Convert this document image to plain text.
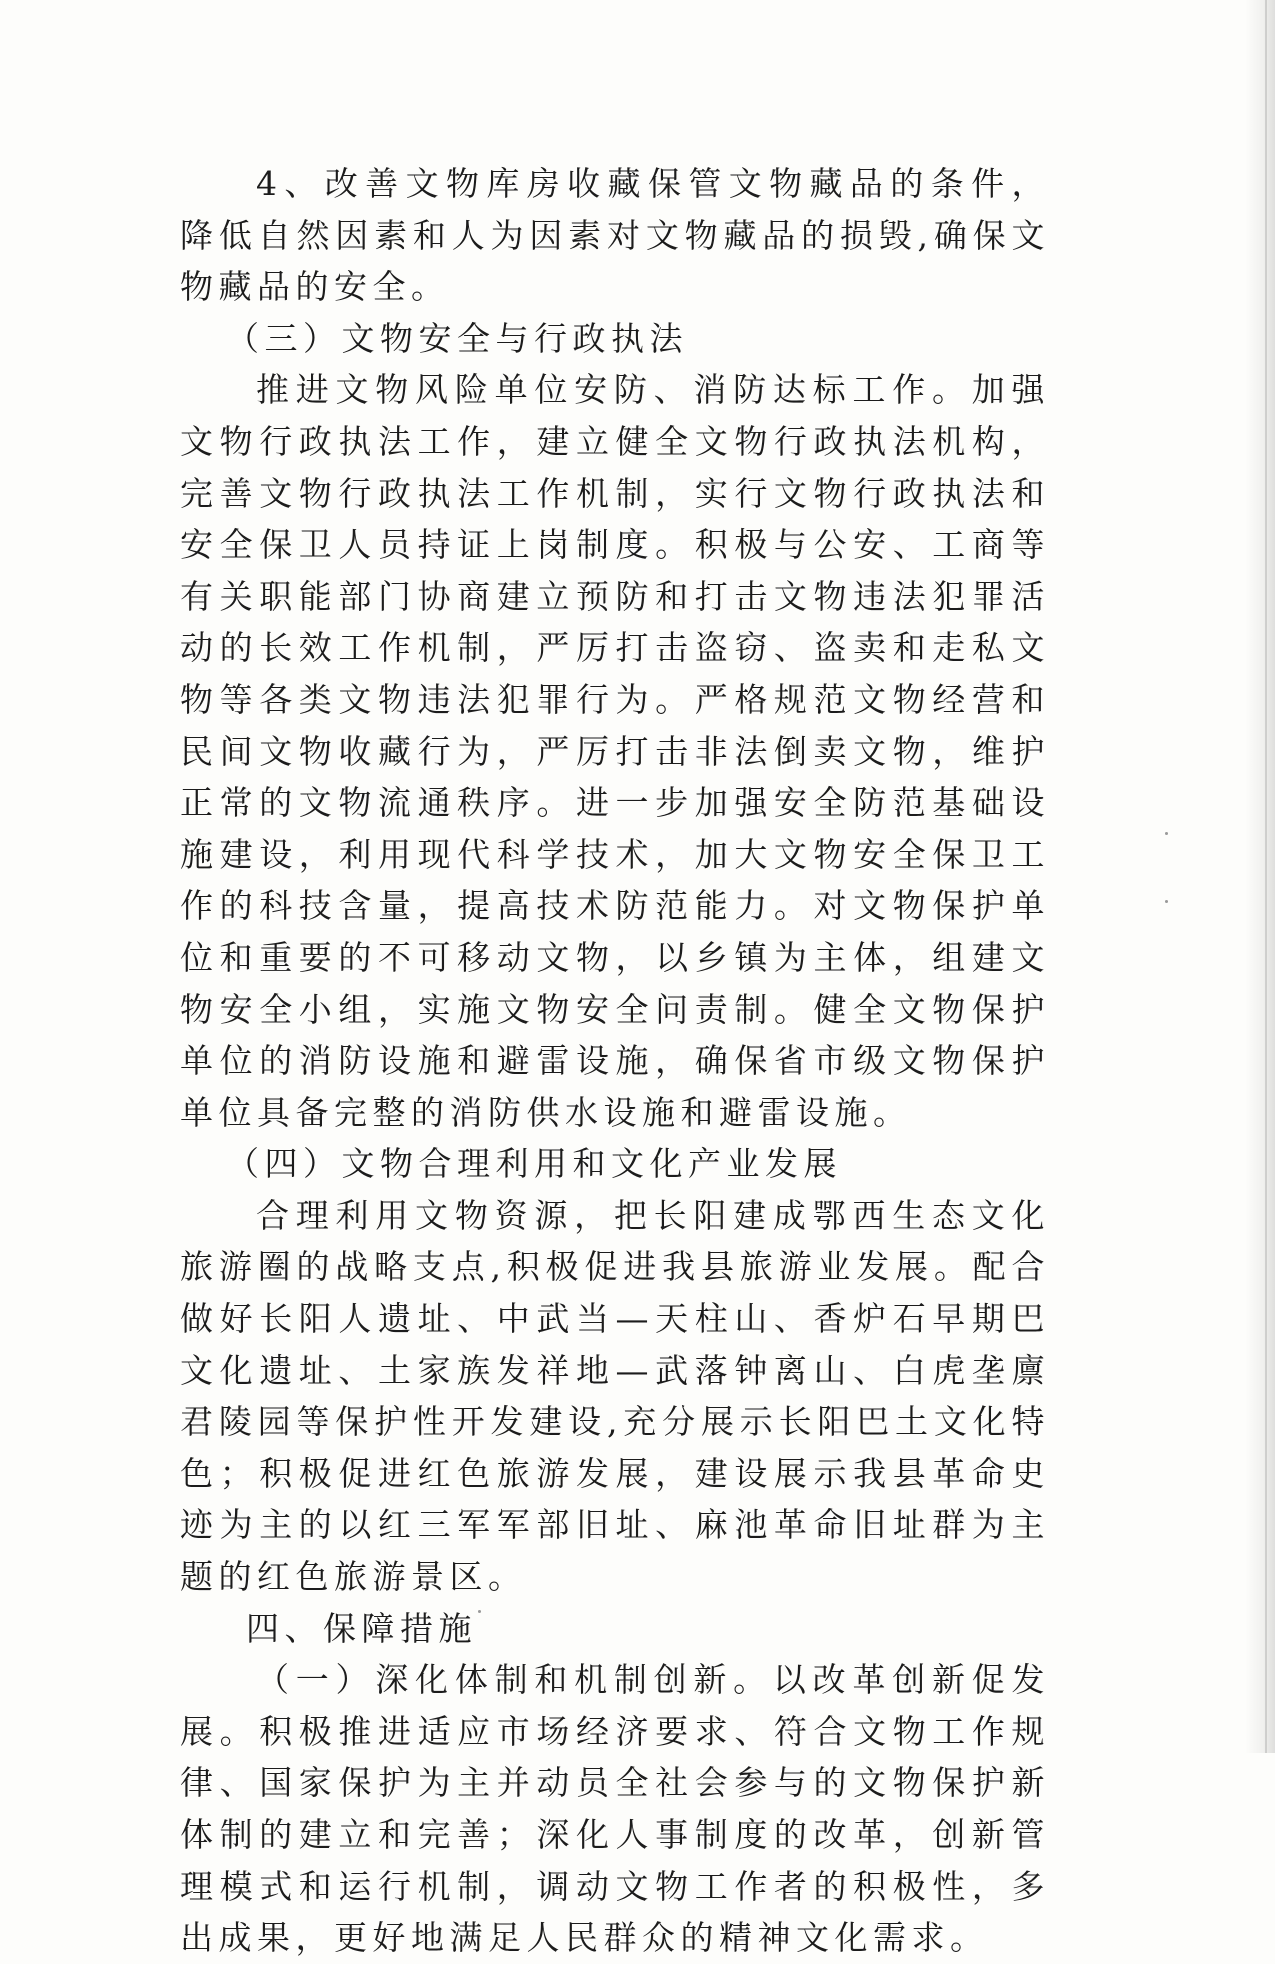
4、改善文物库房收藏保管文物藏品的条件，降低自然因素和人为因素对文物藏品的损毁,确保文物藏品的安全。

（三）文物安全与行政执法

推进文物风险单位安防、消防达标工作。加强文物行政执法工作，建立健全文物行政执法机构，完善文物行政执法工作机制，实行文物行政执法和安全保卫人员持证上岗制度。积极与公安、工商等有关职能部门协商建立预防和打击文物违法犯罪活动的长效工作机制，严厉打击盗窃、盗卖和走私文物等各类文物违法犯罪行为。严格规范文物经营和民间文物收藏行为，严厉打击非法倒卖文物，维护正常的文物流通秩序。进一步加强安全防范基础设施建设，利用现代科学技术，加大文物安全保卫工作的科技含量，提高技术防范能力。对文物保护单位和重要的不可移动文物，以乡镇为主体，组建文物安全小组，实施文物安全问责制。健全文物保护单位的消防设施和避雷设施，确保省市级文物保护单位具备完整的消防供水设施和避雷设施。

（四）文物合理利用和文化产业发展

合理利用文物资源，把长阳建成鄂西生态文化旅游圈的战略支点,积极促进我县旅游业发展。配合做好长阳人遗址、中武当—天柱山、香炉石早期巴文化遗址、土家族发祥地—武落钟离山、白虎垄廪君陵园等保护性开发建设,充分展示长阳巴土文化特色；积极促进红色旅游发展，建设展示我县革命史迹为主的以红三军军部旧址、麻池革命旧址群为主题的红色旅游景区。

四、保障措施

（一）深化体制和机制创新。以改革创新促发展。积极推进适应市场经济要求、符合文物工作规律、国家保护为主并动员全社会参与的文物保护新体制的建立和完善；深化人事制度的改革，创新管理模式和运行机制，调动文物工作者的积极性，多出成果，更好地满足人民群众的精神文化需求。
